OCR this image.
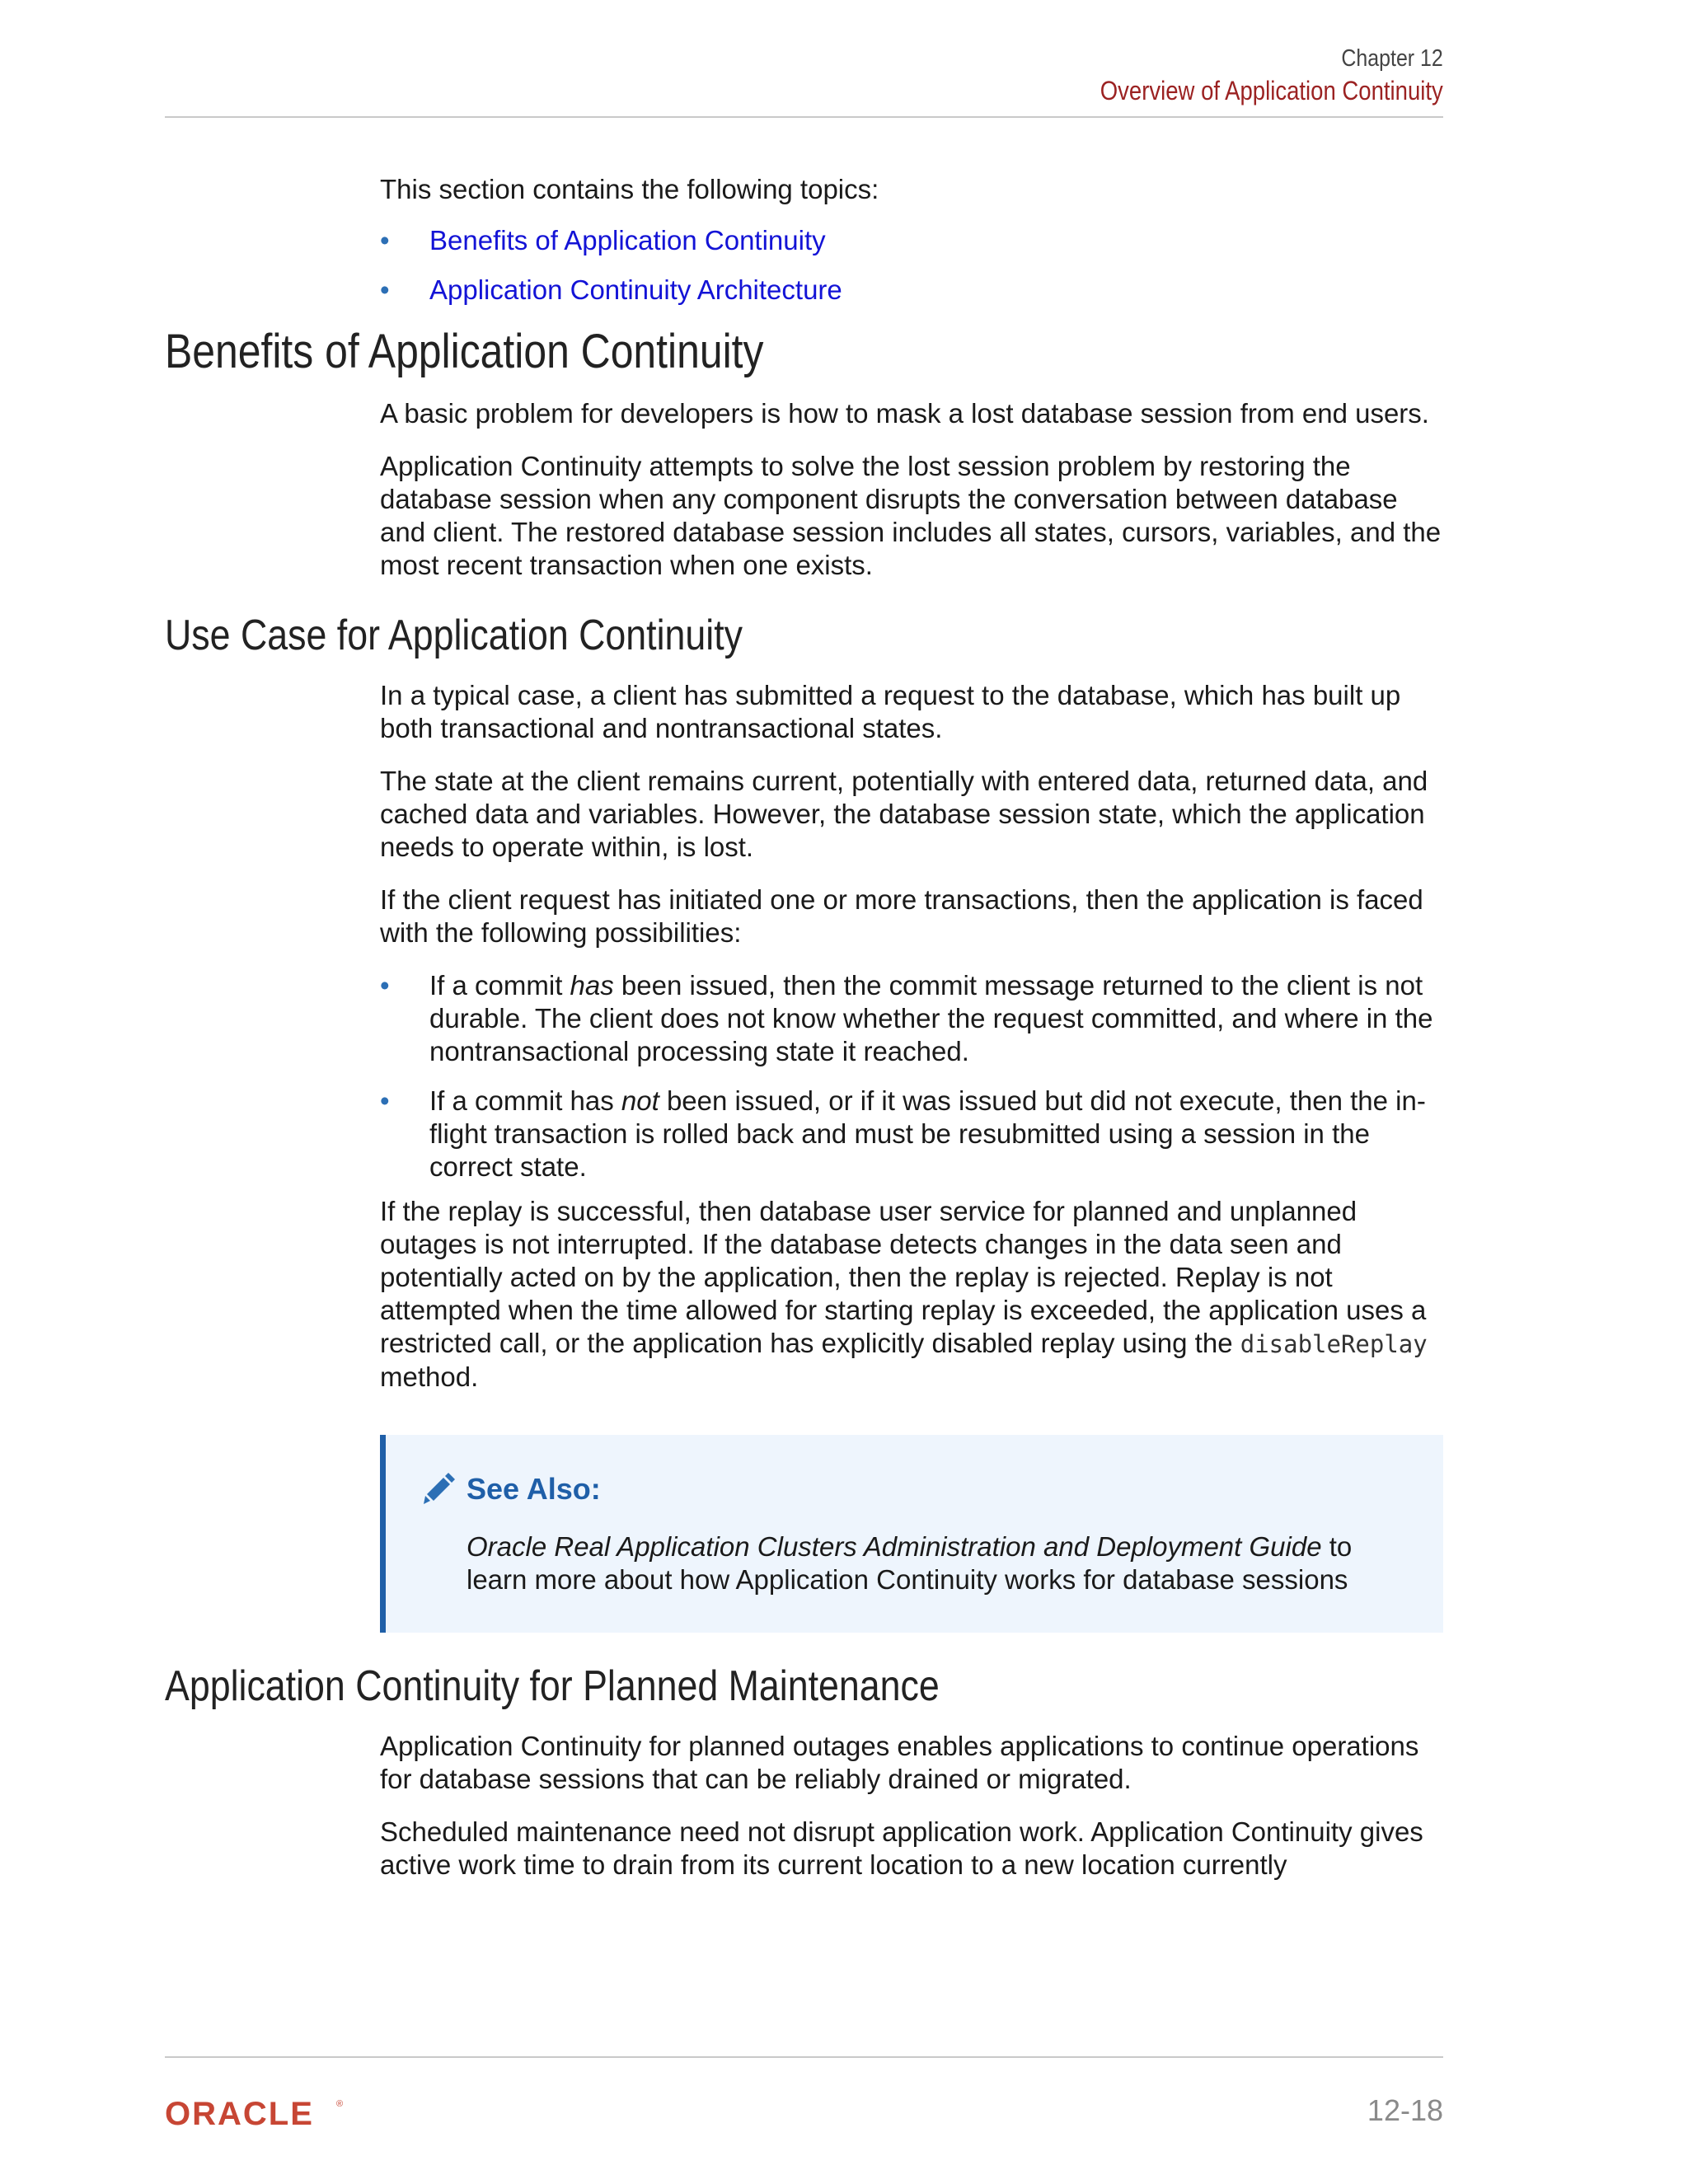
Chapter 12
Overview of Application Continuity

This section contains the following topics:

• Benefits of Application Continuity
• Application Continuity Architecture
Benefits of Application Continuity

A basic problem for developers is how to mask a lost database session from end users.

Application Continuity attempts to solve the lost session problem by restoring the database session when any component disrupts the conversation between database and client. The restored database session includes all states, cursors, variables, and the most recent transaction when one exists.

Use Case for Application Continuity

In a typical case, a client has submitted a request to the database, which has built up both transactional and nontransactional states.

The state at the client remains current, potentially with entered data, returned data, and cached data and variables. However, the database session state, which the application needs to operate within, is lost.

If the client request has initiated one or more transactions, then the application is faced with the following possibilities:

• If a commit has been issued, then the commit message returned to the client is not durable. The client does not know whether the request committed, and where in the nontransactional processing state it reached.
• If a commit has not been issued, or if it was issued but did not execute, then the in-flight transaction is rolled back and must be resubmitted using a session in the correct state.

If the replay is successful, then database user service for planned and unplanned outages is not interrupted. If the database detects changes in the data seen and potentially acted on by the application, then the replay is rejected. Replay is not attempted when the time allowed for starting replay is exceeded, the application uses a restricted call, or the application has explicitly disabled replay using the disableReplay method.

See Also:
Oracle Real Application Clusters Administration and Deployment Guide to learn more about how Application Continuity works for database sessions
Application Continuity for Planned Maintenance

Application Continuity for planned outages enables applications to continue operations for database sessions that can be reliably drained or migrated.

Scheduled maintenance need not disrupt application work. Application Continuity gives active work time to drain from its current location to a new location currently

ORACLE ®	12-18
